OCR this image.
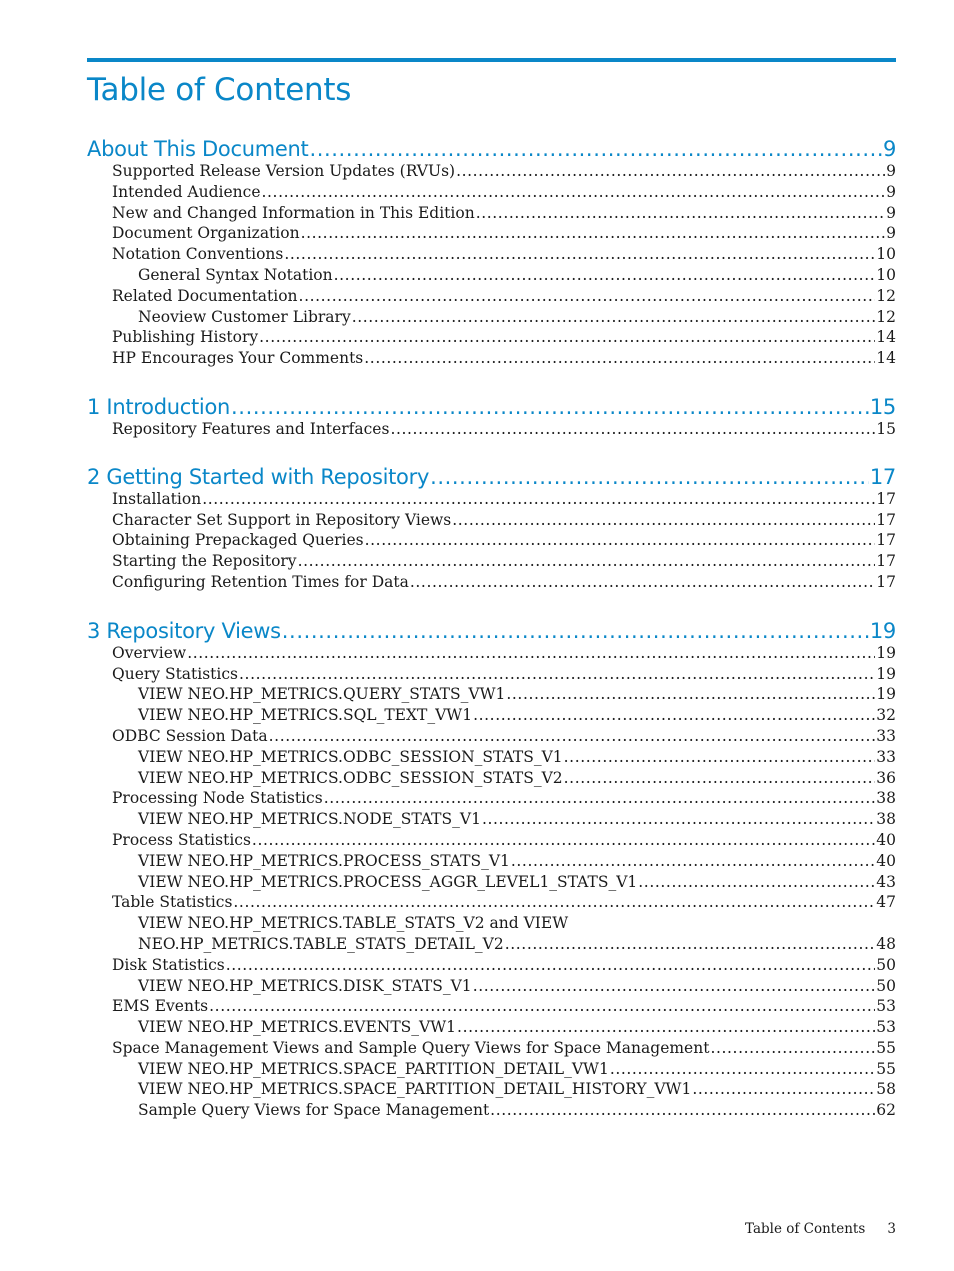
Table of Contents
About This Document .....	9
Supported Release Version Updates (RVUs) .....	9
Intended Audience .....	9
New and Changed Information in This Edition .....	9
Document Organization .....	9
Notation Conventions .....	10
General Syntax Notation .....	10
Related Documentation .....	12
Neoview Customer Library .....	12
Publishing History .....	14
HP Encourages Your Comments .....	14
1 Introduction .....	15
Repository Features and Interfaces .....	15
2 Getting Started with Repository .....	17
Installation .....	17
Character Set Support in Repository Views .....	17
Obtaining Prepackaged Queries .....	17
Starting the Repository .....	17
Configuring Retention Times for Data .....	17
3 Repository Views .....	19
Overview .....	19
Query Statistics .....	19
VIEW NEO.HP_METRICS.QUERY_STATS_VW1 .....	19
VIEW NEO.HP_METRICS.SQL_TEXT_VW1 .....	32
ODBC Session Data .....	33
VIEW NEO.HP_METRICS.ODBC_SESSION_STATS_V1 .....	33
VIEW NEO.HP_METRICS.ODBC_SESSION_STATS_V2 .....	36
Processing Node Statistics .....	38
VIEW NEO.HP_METRICS.NODE_STATS_V1 .....	38
Process Statistics .....	40
VIEW NEO.HP_METRICS.PROCESS_STATS_V1 .....	40
VIEW NEO.HP_METRICS.PROCESS_AGGR_LEVEL1_STATS_V1 .....	43
Table Statistics .....	47
VIEW NEO.HP_METRICS.TABLE_STATS_V2 and VIEW
NEO.HP_METRICS.TABLE_STATS_DETAIL_V2 .....	48
Disk Statistics .....	50
VIEW NEO.HP_METRICS.DISK_STATS_V1 .....	50
EMS Events .....	53
VIEW NEO.HP_METRICS.EVENTS_VW1 .....	53
Space Management Views and Sample Query Views for Space Management .....	55
VIEW NEO.HP_METRICS.SPACE_PARTITION_DETAIL_VW1 .....	55
VIEW NEO.HP_METRICS.SPACE_PARTITION_DETAIL_HISTORY_VW1 .....	58
Sample Query Views for Space Management .....	62
Table of Contents 3
